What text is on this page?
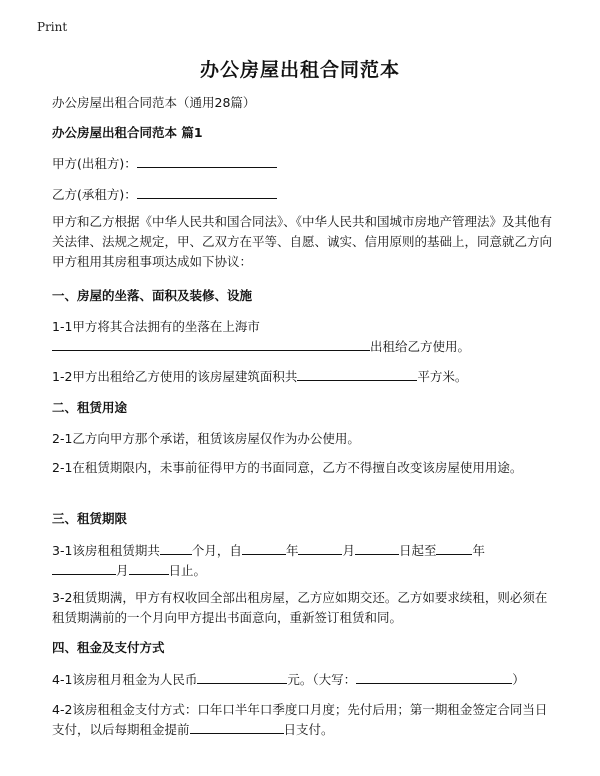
Print
办公房屋出租合同范本
办公房屋出租合同范本（通用28篇）
办公房屋出租合同范本 篇1
甲方(出租方)：
乙方(承租方)：
甲方和乙方根据《中华人民共和国合同法》、《中华人民共和国城市房地产管理法》及其他有关法律、法规之规定，甲、乙双方在平等、自愿、诚实、信用原则的基础上，同意就乙方向甲方租用其房租事项达成如下协议：
一、房屋的坐落、面积及装修、设施
1-1甲方将其合法拥有的坐落在上海市
出租给乙方使用。
1-2甲方出租给乙方使用的该房屋建筑面积共	平方米。
二、租赁用途
2-1乙方向甲方那个承诺，租赁该房屋仅作为办公使用。
2-1在租赁期限内，未事前征得甲方的书面同意，乙方不得擅自改变该房屋使用用途。
三、租赁期限
3-1该房租租赁期共	个月，自	年	月	日起至	年
月	日止。
3-2租赁期满，甲方有权收回全部出租房屋，乙方应如期交还。乙方如要求续租，则必须在租赁期满前的一个月向甲方提出书面意向，重新签订租赁和同。
四、租金及支付方式
4-1该房租月租金为人民币	元。（大写：	）
4-2该房租租金支付方式：口年口半年口季度口月度；先付后用；第一期租金签定合同当日支付，以后每期租金提前	日支付。
